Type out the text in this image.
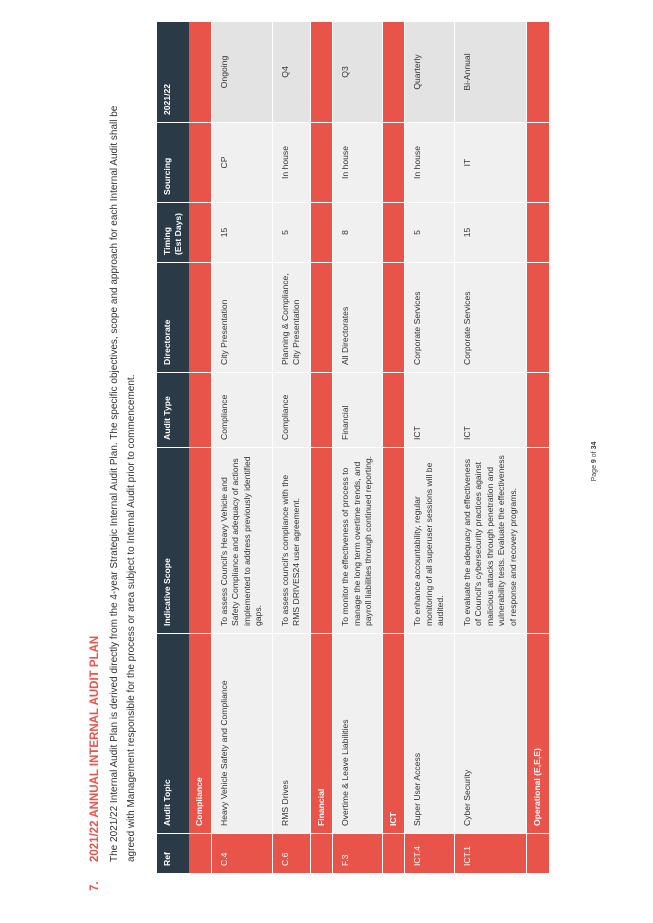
7.
2021/22 ANNUAL INTERNAL AUDIT PLAN The 2021/22 Internal Audit Plan is derived directly from the 4-year Strategic Internal Audit Plan. The specific objectives, scope and approach for each Internal Audit shall be agreed with Management responsible for the process or area subject to Internal Audit prior to commencement.	Ref	Audit Topic	Indicative Scope	Audit Type	Directorate	Timing (Est Days)	Sourcing	2021/22
	Compliance						
C.4	Heavy Vehicle Safety and Compliance	To assess Council's Heavy Vehicle and Safety Compliance and adequacy of actions implemented to address previously identified gaps.	Compliance	City Presentation	15	CP	Ongoing
C.6	RMS Drives	To assess council's compliance with the RMS DRIVES24 user agreement.	Compliance	Planning & Compliance, City Presentation	5	In house	Q4
	Financial						
F.3	Overtime & Leave Liabilities	To monitor the effectiveness of process to manage the long term overtime trends, and payroll liabilities through continued reporting.	Financial	All Directorates	8	In house	Q3
	ICT						
ICT.4	Super User Access	To enhance accountability, regular monitoring of all superuser sessions will be audited.	ICT	Corporate Services	5	In house	Quarterly
ICT.1	Cyber Security	To evaluate the adequacy and effectiveness of Council's cybersecurity practices against malicious attacks through penetration and vulnerability tests. Evaluate the effectiveness of response and recovery programs.	ICT	Corporate Services	15	IT	Bi-Annual
	Operational (E,E,E)						
Page 9 of 34
